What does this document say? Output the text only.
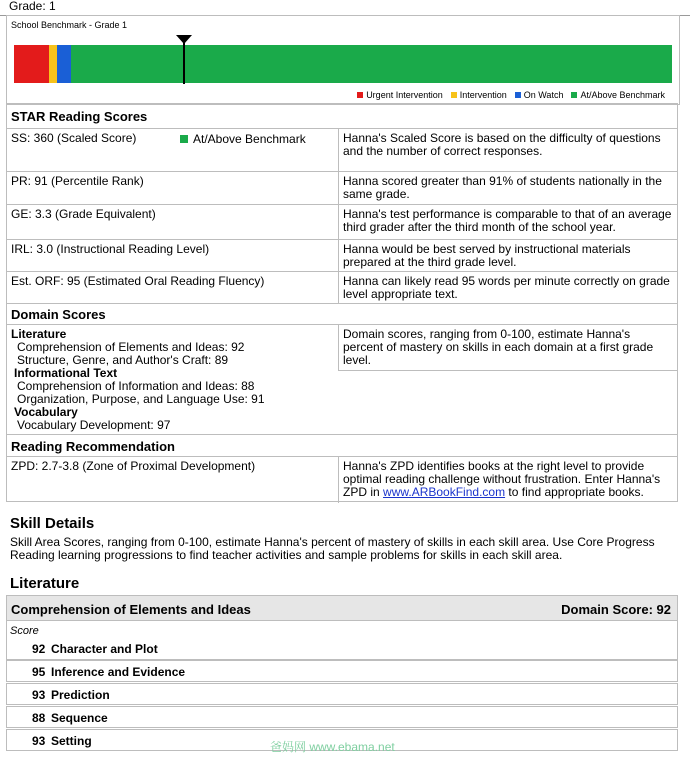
Grade: 1
School Benchmark - Grade 1
Urgent Intervention Intervention On Watch At/Above Benchmark
STAR Reading Scores
SS: 360 (Scaled Score)	At/Above Benchmark	Hanna's Scaled Score is based on the difficulty of questions and the number of correct responses.
PR: 91 (Percentile Rank)	Hanna scored greater than 91% of students nationally in the same grade.
GE: 3.3 (Grade Equivalent)	Hanna's test performance is comparable to that of an average third grader after the third month of the school year.
IRL: 3.0 (Instructional Reading Level)	Hanna would be best served by instructional materials prepared at the third grade level.
Est. ORF: 95 (Estimated Oral Reading Fluency)	Hanna can likely read 95 words per minute correctly on grade level appropriate text.
Domain Scores
Literature
Comprehension of Elements and Ideas: 92
Structure, Genre, and Author's Craft: 89
Informational Text
Comprehension of Information and Ideas: 88
Organization, Purpose, and Language Use: 91
Vocabulary
Vocabulary Development: 97
Domain scores, ranging from 0-100, estimate Hanna's percent of mastery on skills in each domain at a first grade level.
Reading Recommendation
ZPD: 2.7-3.8 (Zone of Proximal Development)	Hanna's ZPD identifies books at the right level to provide optimal reading challenge without frustration. Enter Hanna's ZPD in www.ARBookFind.com to find appropriate books.
Skill Details
Skill Area Scores, ranging from 0-100, estimate Hanna's percent of mastery of skills in each skill area. Use Core Progress Reading learning progressions to find teacher activities and sample problems for skills in each skill area.
Literature
Comprehension of Elements and Ideas	Domain Score: 92
Score
92 Character and Plot
95 Inference and Evidence
93 Prediction
88 Sequence
93 Setting	爸妈网 www.ebama.net
